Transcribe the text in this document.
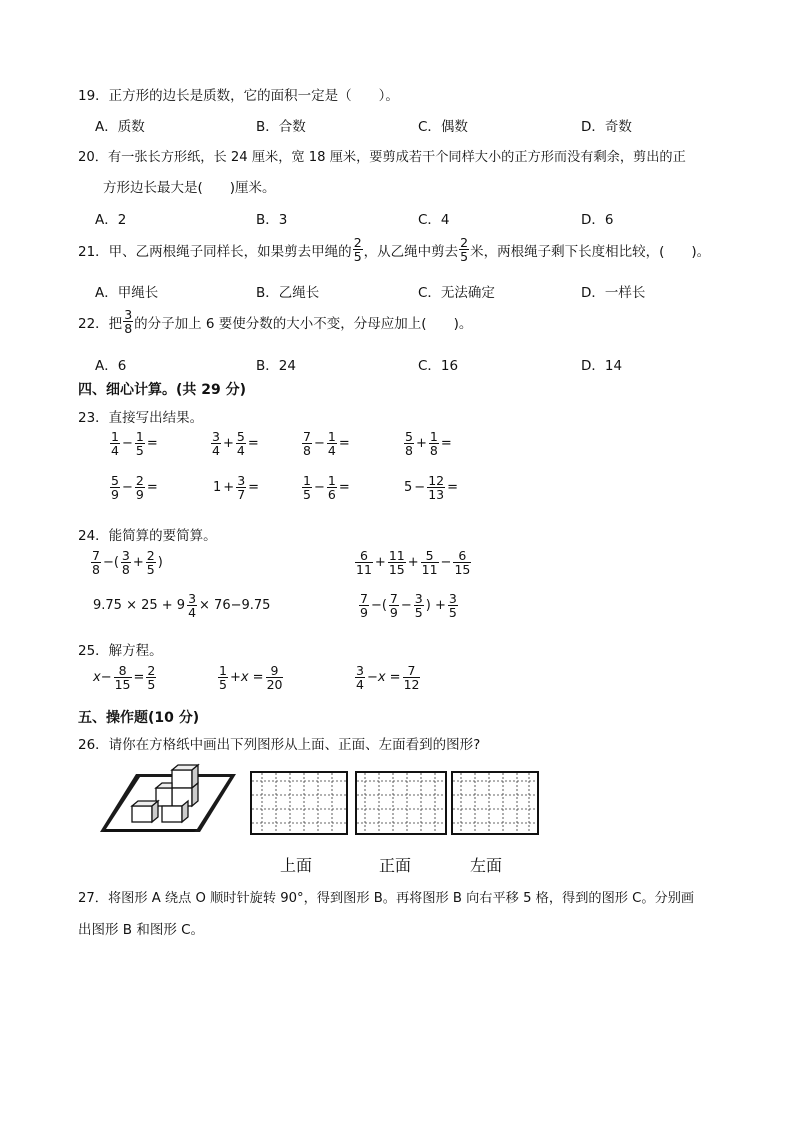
19．正方形的边长是质数，它的面积一定是（　　）。
A．质数	B．合数	C．偶数	D．奇数
20．有一张长方形纸，长 24 厘米，宽 18 厘米，要剪成若干个同样大小的正方形而没有剩余，剪出的正
方形边长最大是(　　)厘米。
A．2	B．3	C．4	D．6
21．甲、乙两根绳子同样长，如果剪去甲绳的 $\frac{2}{5}$ ，从乙绳中剪去 $\frac{2}{5}$ 米，两根绳子剩下长度相比较，(　　)。
A．甲绳长	B．乙绳长	C．无法确定	D．一样长
22．把 $\frac{3}{8}$ 的分子加上 6 要使分数的大小不变，分母应加上(　　)。
A．6	B．24	C．16	D．14
四、细心计算。(共 29 分)
23．直接写出结果。
$\frac{1}{4} - \frac{1}{5}$ =	$\frac{3}{4} + \frac{5}{4}$ =	$\frac{7}{8} - \frac{1}{4}$ =	$\frac{5}{8} + \frac{1}{8}$ =
$\frac{5}{9} - \frac{2}{9}$ =	$1 + \frac{3}{7}$ =	$\frac{1}{5} - \frac{1}{6}$ =	$5 - \frac{12}{13}$ =
24．能简算的要简算。
$\frac{7}{8}$ −( $\frac{3}{8} + \frac{2}{5}$ )	$\frac{6}{11} + \frac{11}{15} + \frac{5}{11} - \frac{6}{15}$
$9.75 \times 25 + 9 \frac{3}{4} \times 76-9.75$	$\frac{7}{9}$ −( $\frac{7}{9} - \frac{3}{5}$ ) + $\frac{3}{5}$
25．解方程。
$x- \frac{8}{15} = \frac{2}{5}$	$\frac{1}{5} +x = \frac{9}{20}$	$\frac{3}{4} -x = \frac{7}{12}$
五、操作题(10 分)
26．请你在方格纸中画出下列图形从上面、正面、左面看到的图形?
上面	正面	左面
27．将图形 A 绕点 O 顺时针旋转 90°，得到图形 B。再将图形 B 向右平移 5 格，得到的图形 C。分别画
出图形 B 和图形 C。
